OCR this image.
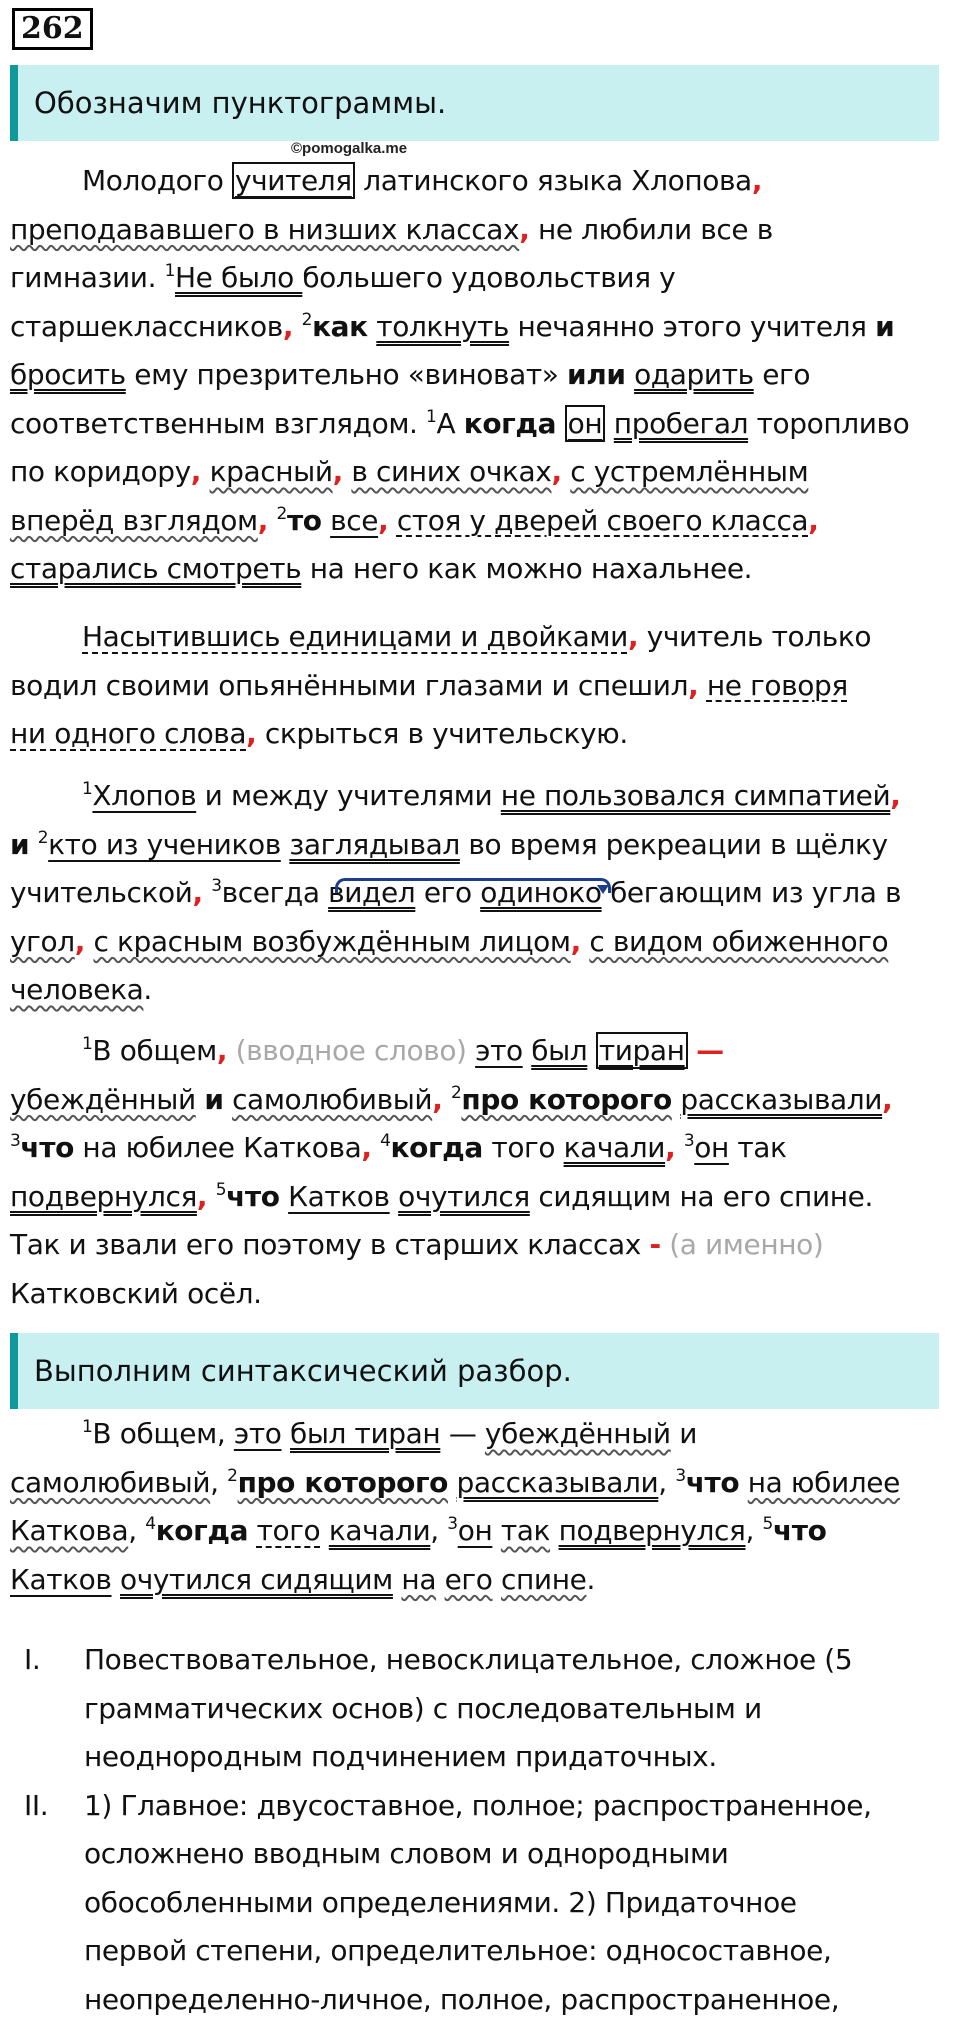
262
Обозначим пунктограммы.
©pomogalka.me
Молодого учителя латинского языка Хлопова,
преподававшего в низших классах, не любили все в
гимназии. $^1$Не было большего удовольствия у
старшеклассников, $^2$как толкнуть нечаянно этого учителя и
бросить ему презрительно «виноват» или одарить его
соответственным взглядом. $^1$А когда он пробегал торопливо
по коридору, красный, в синих очках, с устремлённым
вперёд взглядом, $^2$то все, стоя у дверей своего класса,
старались смотреть на него как можно нахальнее.
Насытившись единицами и двойками, учитель только
водил своими опьянёнными глазами и спешил, не говоря
ни одного слова, скрыться в учительскую.
$^1$Хлопов и между учителями не пользовался симпатией,
и $^2$кто из учеников заглядывал во время рекреации в щёлку
учительской, $^3$всегда видел его одиноко бегающим из угла в
угол, с красным возбуждённым лицом, с видом обиженного
человека.
$^1$В общем, (вводное слово) это был тиран —
убеждённый и самолюбивый, $^2$про которого рассказывали,
$^3$что на юбилее Каткова, $^4$когда того качали, $^3$он так
подвернулся, $^5$что Катков очутился сидящим на его спине.
Так и звали его поэтому в старших классах - (а именно)
Катковский осёл.
Выполним синтаксический разбор.
$^1$В общем, это был тиран — убеждённый и
самолюбивый, $^2$про которого рассказывали, $^3$что на юбилее
Каткова, $^4$когда того качали, $^3$он так подвернулся, $^5$что
Катков очутился сидящим на его спине.
I. Повествовательное, невосклицательное, сложное (5
грамматических основ) с последовательным и
неоднородным подчинением придаточных.
II. 1) Главное: двусоставное, полное; распространенное,
осложнено вводным словом и однородными
обособленными определениями. 2) Придаточное
первой степени, определительное: односоставное,
неопределенно-личное, полное, распространенное,
